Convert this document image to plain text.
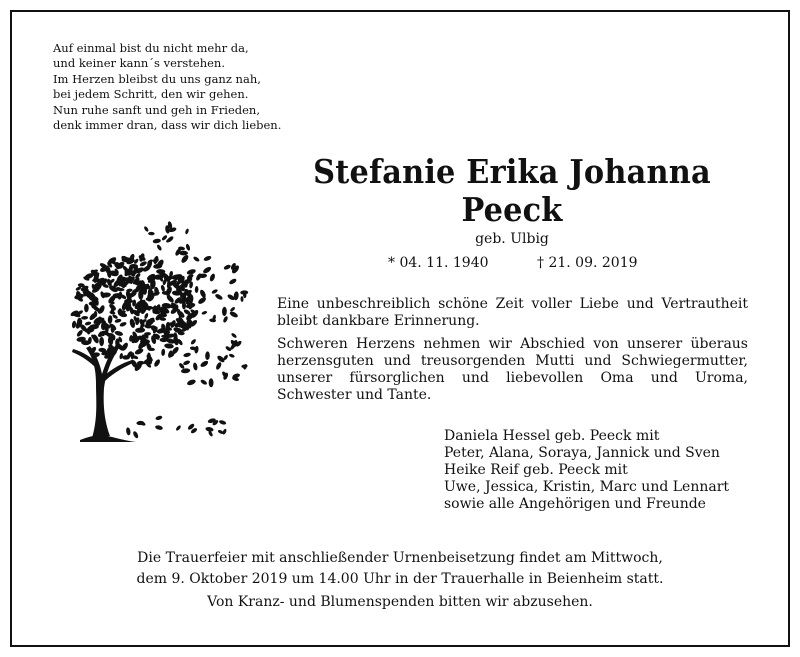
Auf einmal bist du nicht mehr da,
und keiner kann´s verstehen.
Im Herzen bleibst du uns ganz nah,
bei jedem Schritt, den wir gehen.
Nun ruhe sanft und geh in Frieden,
denk immer dran, dass wir dich lieben.
Stefanie Erika Johanna
Peeck
geb. Ulbig
* 04. 11. 1940	† 21. 09. 2019
Eine unbeschreiblich schöne Zeit voller Liebe und Vertrautheit bleibt dankbare Erinnerung.
Schweren Herzens nehmen wir Abschied von unserer überaus herzensguten und treusorgenden Mutti und Schwiegermutter, unserer fürsorglichen und liebevollen Oma und Uroma, Schwester und Tante.
Daniela Hessel geb. Peeck mit
Peter, Alana, Soraya, Jannick und Sven
Heike Reif geb. Peeck mit
Uwe, Jessica, Kristin, Marc und Lennart
sowie alle Angehörigen und Freunde
Die Trauerfeier mit anschließender Urnenbeisetzung findet am Mittwoch,
dem 9. Oktober 2019 um 14.00 Uhr in der Trauerhalle in Beienheim statt.
Von Kranz- und Blumenspenden bitten wir abzusehen.
